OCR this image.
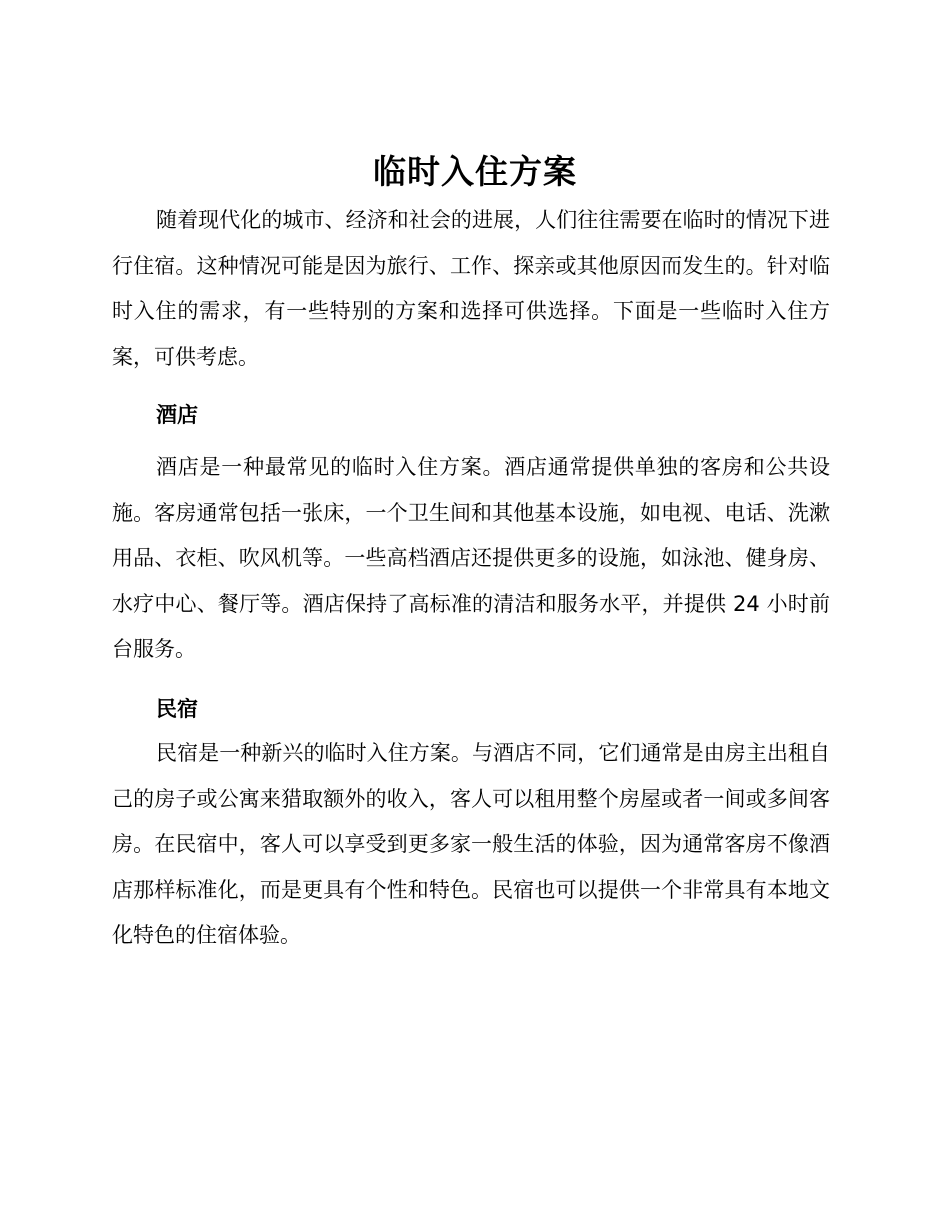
临时入住方案

随着现代化的城市、经济和社会的进展，人们往往需要在临时的情况下进行住宿。这种情况可能是因为旅行、工作、探亲或其他原因而发生的。针对临时入住的需求，有一些特别的方案和选择可供选择。下面是一些临时入住方案，可供考虑。

酒店

酒店是一种最常见的临时入住方案。酒店通常提供单独的客房和公共设施。客房通常包括一张床，一个卫生间和其他基本设施，如电视、电话、洗漱用品、衣柜、吹风机等。一些高档酒店还提供更多的设施，如泳池、健身房、水疗中心、餐厅等。酒店保持了高标准的清洁和服务水平，并提供 24 小时前台服务。

民宿

民宿是一种新兴的临时入住方案。与酒店不同，它们通常是由房主出租自己的房子或公寓来猎取额外的收入，客人可以租用整个房屋或者一间或多间客房。在民宿中，客人可以享受到更多家一般生活的体验，因为通常客房不像酒店那样标准化，而是更具有个性和特色。民宿也可以提供一个非常具有本地文化特色的住宿体验。
